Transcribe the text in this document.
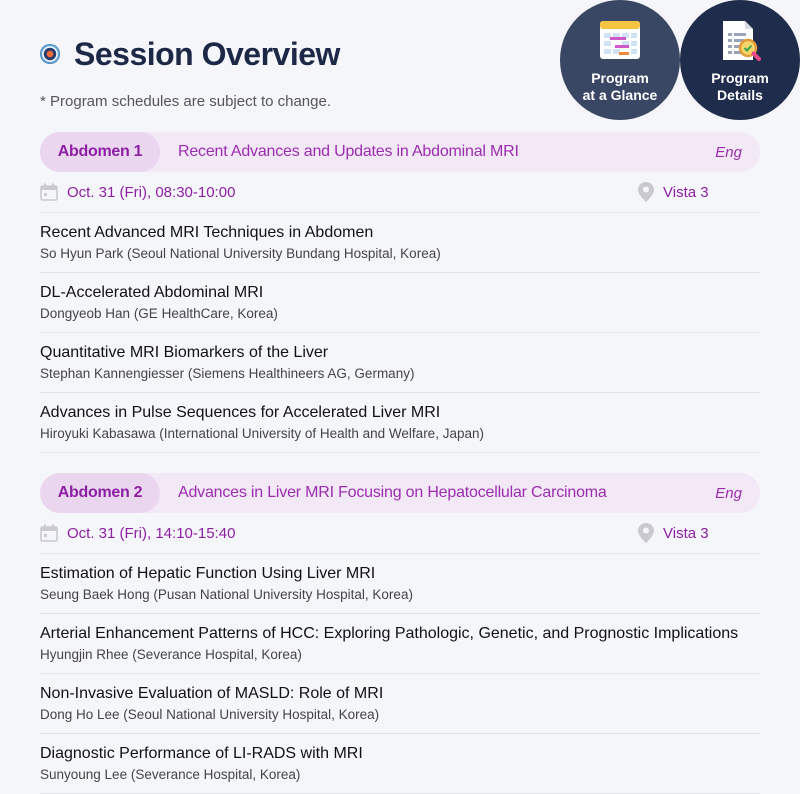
Session Overview

* Program schedules are subject to change.

Program
at a Glance
Program
Details
Abdomen 1	Recent Advances and Updates in Abdominal MRI	Eng
Oct. 31 (Fri), 08:30-10:00	Vista 3
Recent Advanced MRI Techniques in Abdomen
So Hyun Park (Seoul National University Bundang Hospital, Korea)
DL-Accelerated Abdominal MRI
Dongyeob Han (GE HealthCare, Korea)
Quantitative MRI Biomarkers of the Liver
Stephan Kannengiesser (Siemens Healthineers AG, Germany)
Advances in Pulse Sequences for Accelerated Liver MRI
Hiroyuki Kabasawa (International University of Health and Welfare, Japan)
Abdomen 2	Advances in Liver MRI Focusing on Hepatocellular Carcinoma	Eng
Oct. 31 (Fri), 14:10-15:40	Vista 3
Estimation of Hepatic Function Using Liver MRI
Seung Baek Hong (Pusan National University Hospital, Korea)
Arterial Enhancement Patterns of HCC: Exploring Pathologic, Genetic, and Prognostic Implications
Hyungjin Rhee (Severance Hospital, Korea)
Non-Invasive Evaluation of MASLD: Role of MRI
Dong Ho Lee (Seoul National University Hospital, Korea)
Diagnostic Performance of LI-RADS with MRI
Sunyoung Lee (Severance Hospital, Korea)
